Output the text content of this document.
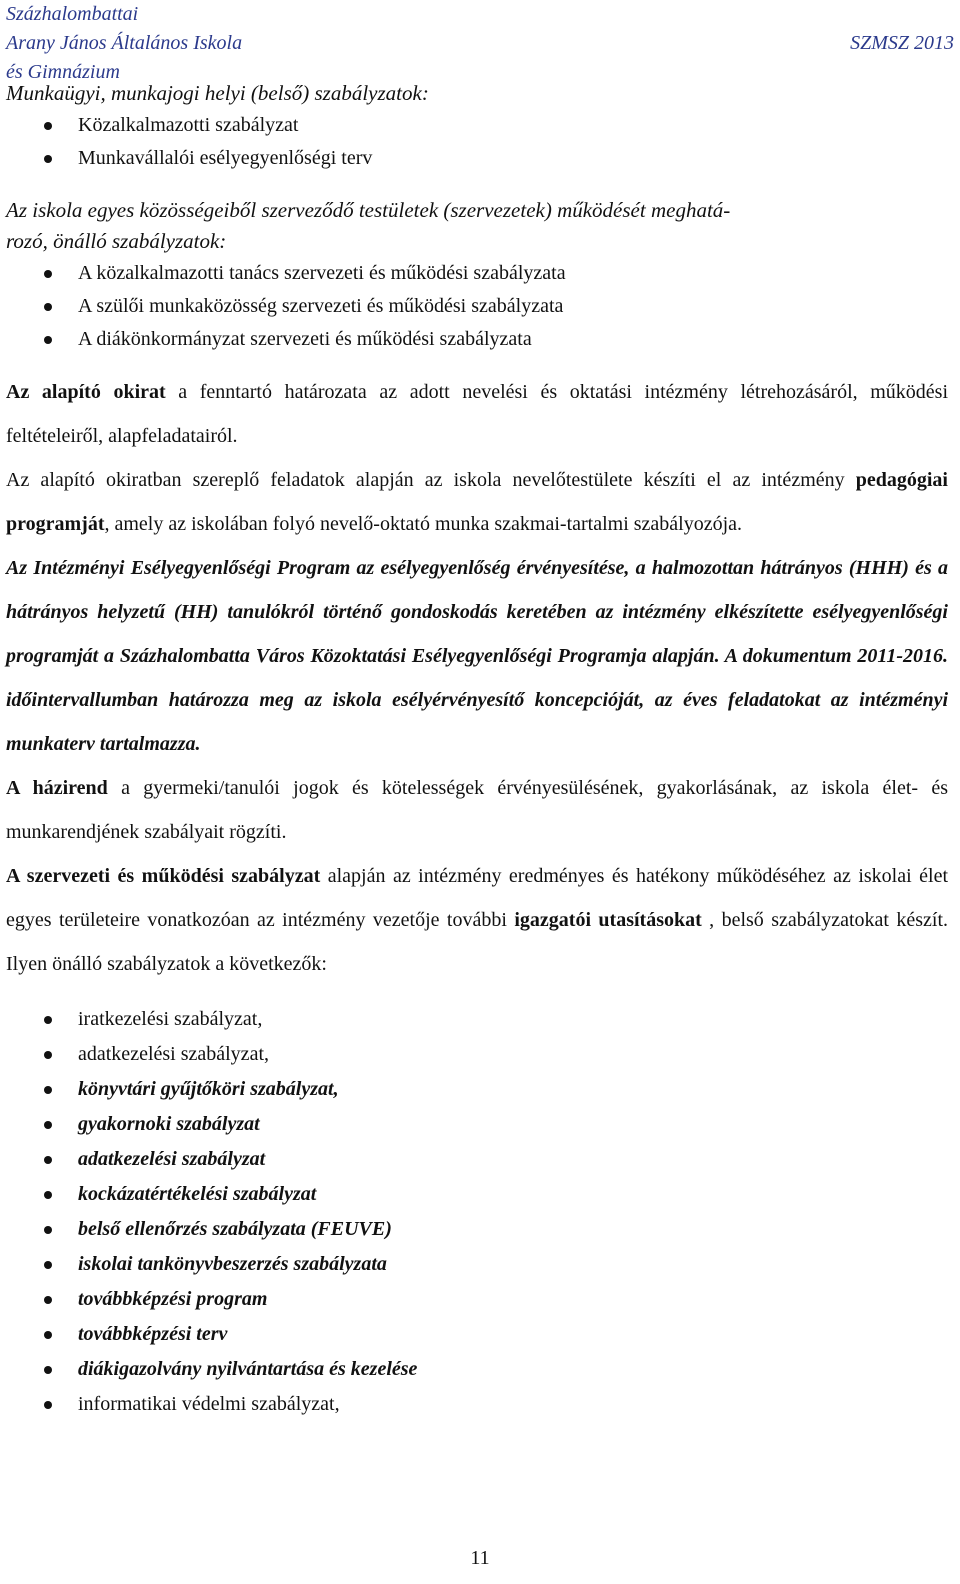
Százhalombattai
Arany János Általános Iskola
és Gimnázium
SZMSZ 2013
Munkaügyi, munkajogi helyi (belső) szabályzatok:
Közalkalmazotti szabályzat
Munkavállalói esélyegyenlőségi terv
Az iskola egyes közösségeiből szerveződő testületek (szervezetek) működését meghatá-
rozó, önálló szabályzatok:
A közalkalmazotti tanács szervezeti és működési szabályzata
A szülői munkaközösség szervezeti és működési szabályzata
A diákönkormányzat szervezeti és működési szabályzata
Az alapító okirat a fenntartó határozata az adott nevelési és oktatási intézmény létrehozásáról, működési feltételeiről, alapfeladatairól.
Az alapító okiratban szereplő feladatok alapján az iskola nevelőtestülete készíti el az intézmény pedagógiai programját, amely az iskolában folyó nevelő-oktató munka szakmai-tartalmi szabályozója.
Az Intézményi Esélyegyenlőségi Program az esélyegyenlőség érvényesítése, a halmozottan hátrányos (HHH) és a hátrányos helyzetű (HH) tanulókról történő gondoskodás keretében az intézmény elkészítette esélyegyenlőségi programját a Százhalombatta Város Közoktatási Esélyegyenlőségi Programja alapján. A dokumentum 2011-2016. időintervallumban határozza meg az iskola esélyérvényesítő koncepcióját, az éves feladatokat az intézményi munkaterv tartalmazza.
A házirend a gyermeki/tanulói jogok és kötelességek érvényesülésének, gyakorlásának, az iskola élet- és munkarendjének szabályait rögzíti.
A szervezeti és működési szabályzat alapján az intézmény eredményes és hatékony működéséhez az iskolai élet egyes területeire vonatkozóan az intézmény vezetője további igazgatói utasításokat , belső szabályzatokat készít. Ilyen önálló szabályzatok a következők:
iratkezelési szabályzat,
adatkezelési szabályzat,
könyvtári gyűjtőköri szabályzat,
gyakornoki szabályzat
adatkezelési szabályzat
kockázatértékelési szabályzat
belső ellenőrzés szabályzata (FEUVE)
iskolai tankönyvbeszerzés szabályzata
továbbképzési program
továbbképzési terv
diákigazolvány nyilvántartása és kezelése
informatikai védelmi szabályzat,
11
